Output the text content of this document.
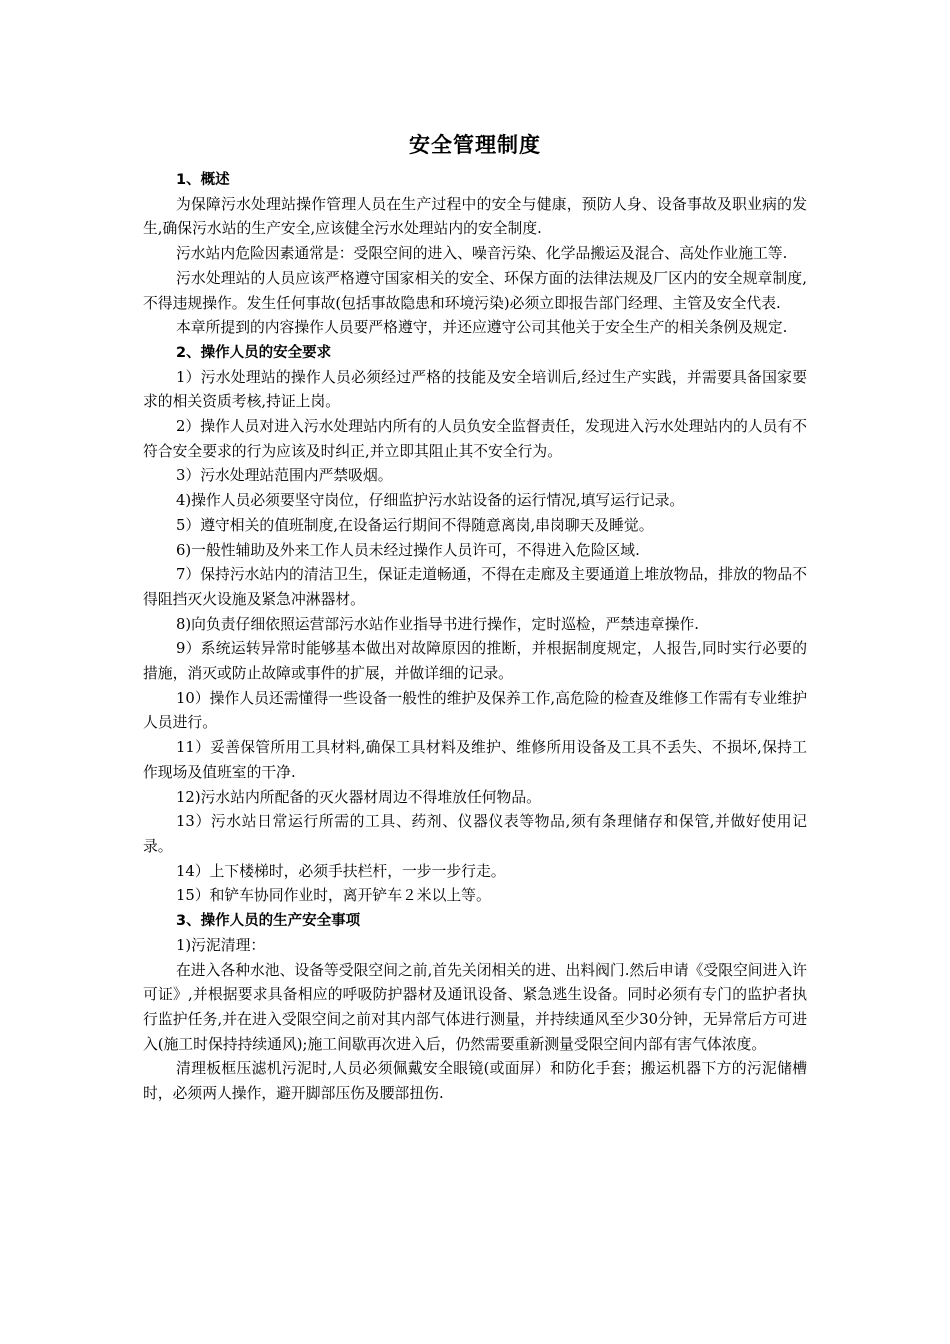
安全管理制度
1、概述

为保障污水处理站操作管理人员在生产过程中的安全与健康，预防人身、设备事故及职业病的发生,确保污水站的生产安全,应该健全污水处理站内的安全制度.

污水站内危险因素通常是：受限空间的进入、噪音污染、化学品搬运及混合、高处作业施工等.

污水处理站的人员应该严格遵守国家相关的安全、环保方面的法律法规及厂区内的安全规章制度,不得违规操作。发生任何事故(包括事故隐患和环境污染)必须立即报告部门经理、主管及安全代表.

本章所提到的内容操作人员要严格遵守，并还应遵守公司其他关于安全生产的相关条例及规定.

2、操作人员的安全要求

1）污水处理站的操作人员必须经过严格的技能及安全培训后,经过生产实践，并需要具备国家要求的相关资质考核,持证上岗。

2）操作人员对进入污水处理站内所有的人员负安全监督责任，发现进入污水处理站内的人员有不符合安全要求的行为应该及时纠正,并立即其阻止其不安全行为。

3）污水处理站范围内严禁吸烟。

4)操作人员必须要坚守岗位，仔细监护污水站设备的运行情况,填写运行记录。

5）遵守相关的值班制度,在设备运行期间不得随意离岗,串岗聊天及睡觉。

6)一般性辅助及外来工作人员未经过操作人员许可，不得进入危险区域.

7）保持污水站内的清洁卫生，保证走道畅通，不得在走廊及主要通道上堆放物品，排放的物品不得阻挡灭火设施及紧急冲淋器材。

8)向负责仔细依照运营部污水站作业指导书进行操作，定时巡检，严禁违章操作.

9）系统运转异常时能够基本做出对故障原因的推断，并根据制度规定，人报告,同时实行必要的措施，消灭或防止故障或事件的扩展，并做详细的记录。

10）操作人员还需懂得一些设备一般性的维护及保养工作,高危险的检查及维修工作需有专业维护人员进行。

11）妥善保管所用工具材料,确保工具材料及维护、维修所用设备及工具不丢失、不损坏,保持工作现场及值班室的干净.

12)污水站内所配备的灭火器材周边不得堆放任何物品。

13）污水站日常运行所需的工具、药剂、仪器仪表等物品,须有条理储存和保管,并做好使用记录。

14）上下楼梯时，必须手扶栏杆，一步一步行走。

15）和铲车协同作业时，离开铲车２米以上等。

3、操作人员的生产安全事项

1)污泥清理：

在进入各种水池、设备等受限空间之前,首先关闭相关的进、出料阀门.然后申请《受限空间进入许可证》,并根据要求具备相应的呼吸防护器材及通讯设备、紧急逃生设备。同时必须有专门的监护者执行监护任务,并在进入受限空间之前对其内部气体进行测量，并持续通风至少30分钟，无异常后方可进入(施工时保持持续通风);施工间歇再次进入后，仍然需要重新测量受限空间内部有害气体浓度。

清理板框压滤机污泥时,人员必须佩戴安全眼镜(或面屏）和防化手套；搬运机器下方的污泥储槽时，必须两人操作，避开脚部压伤及腰部扭伤.
